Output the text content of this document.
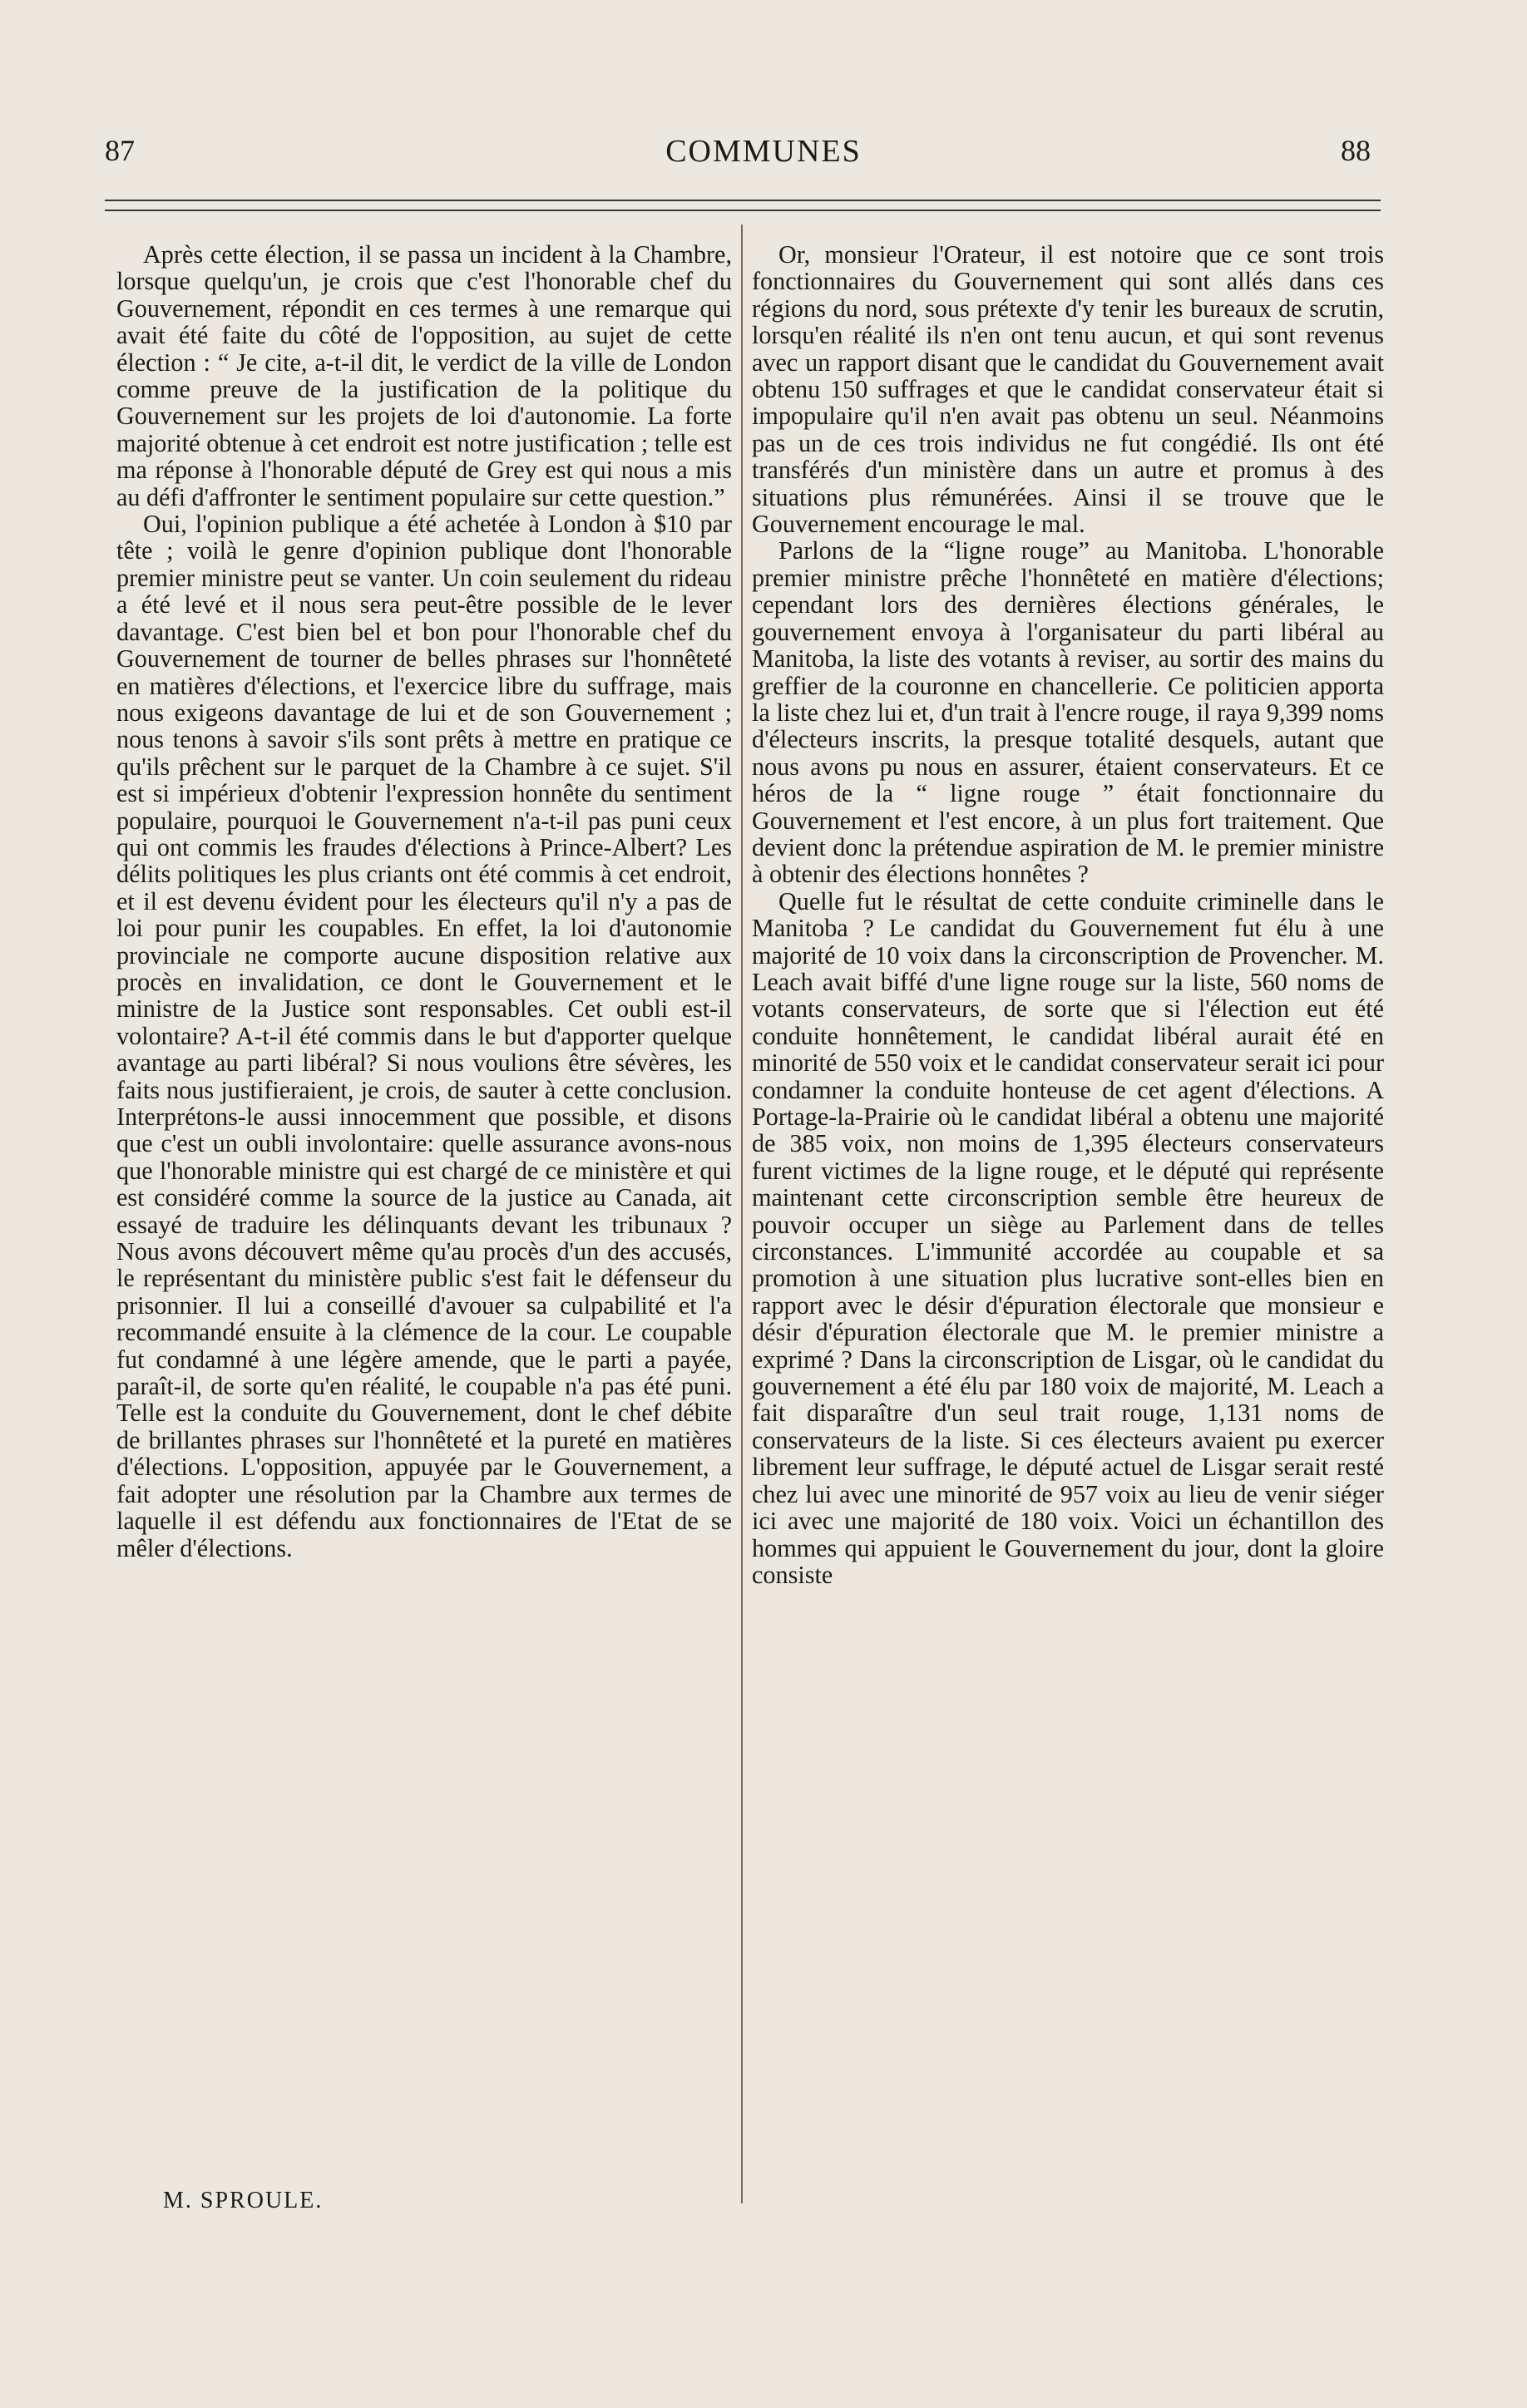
87	COMMUNES	88

Après cette élection, il se passa un incident à la Chambre, lorsque quelqu'un, je crois que c'est l'honorable chef du Gouvernement, répondit en ces termes à une remarque qui avait été faite du côté de l'opposition, au sujet de cette élection : “ Je cite, a-t-il dit, le verdict de la ville de London comme preuve de la justification de la politique du Gouvernement sur les projets de loi d'autonomie. La forte majorité obtenue à cet endroit est notre justification ; telle est ma réponse à l'honorable député de Grey est qui nous a mis au défi d'affronter le sentiment populaire sur cette question.”

Oui, l'opinion publique a été achetée à London à $10 par tête ; voilà le genre d'opinion publique dont l'honorable premier ministre peut se vanter. Un coin seulement du rideau a été levé et il nous sera peut-être possible de le lever davantage. C'est bien bel et bon pour l'honorable chef du Gouvernement de tourner de belles phrases sur l'honnêteté en matières d'élections, et l'exercice libre du suffrage, mais nous exigeons davantage de lui et de son Gouvernement ; nous tenons à savoir s'ils sont prêts à mettre en pratique ce qu'ils prêchent sur le parquet de la Chambre à ce sujet. S'il est si impérieux d'obtenir l'expression honnête du sentiment populaire, pourquoi le Gouvernement n'a-t-il pas puni ceux qui ont commis les fraudes d'élections à Prince-Albert? Les délits politiques les plus criants ont été commis à cet endroit, et il est devenu évident pour les électeurs qu'il n'y a pas de loi pour punir les coupables. En effet, la loi d'autonomie provinciale ne comporte aucune disposition relative aux procès en invalidation, ce dont le Gouvernement et le ministre de la Justice sont responsables. Cet oubli est-il volontaire? A-t-il été commis dans le but d'apporter quelque avantage au parti libéral? Si nous voulions être sévères, les faits nous justifieraient, je crois, de sauter à cette conclusion. Interprétons-le aussi innocemment que possible, et disons que c'est un oubli involontaire: quelle assurance avons-nous que l'honorable ministre qui est chargé de ce ministère et qui est considéré comme la source de la justice au Canada, ait essayé de traduire les délinquants devant les tribunaux ? Nous avons découvert même qu'au procès d'un des accusés, le représentant du ministère public s'est fait le défenseur du prisonnier. Il lui a conseillé d'avouer sa culpabilité et l'a recommandé ensuite à la clémence de la cour. Le coupable fut condamné à une légère amende, que le parti a payée, paraît-il, de sorte qu'en réalité, le coupable n'a pas été puni. Telle est la conduite du Gouvernement, dont le chef débite de brillantes phrases sur l'honnêteté et la pureté en matières d'élections. L'opposition, appuyée par le Gouvernement, a fait adopter une résolution par la Chambre aux termes de laquelle il est défendu aux fonctionnaires de l'Etat de se mêler d'élections.

Or, monsieur l'Orateur, il est notoire que ce sont trois fonctionnaires du Gouvernement qui sont allés dans ces régions du nord, sous prétexte d'y tenir les bureaux de scrutin, lorsqu'en réalité ils n'en ont tenu aucun, et qui sont revenus avec un rapport disant que le candidat du Gouvernement avait obtenu 150 suffrages et que le candidat conservateur était si impopulaire qu'il n'en avait pas obtenu un seul. Néanmoins pas un de ces trois individus ne fut congédié. Ils ont été transférés d'un ministère dans un autre et promus à des situations plus rémunérées. Ainsi il se trouve que le Gouvernement encourage le mal.

Parlons de la “ligne rouge” au Manitoba. L'honorable premier ministre prêche l'honnêteté en matière d'élections; cependant lors des dernières élections générales, le gouvernement envoya à l'organisateur du parti libéral au Manitoba, la liste des votants à reviser, au sortir des mains du greffier de la couronne en chancellerie. Ce politicien apporta la liste chez lui et, d'un trait à l'encre rouge, il raya 9,399 noms d'électeurs inscrits, la presque totalité desquels, autant que nous avons pu nous en assurer, étaient conservateurs. Et ce héros de la “ ligne rouge ” était fonctionnaire du Gouvernement et l'est encore, à un plus fort traitement. Que devient donc la prétendue aspiration de M. le premier ministre à obtenir des élections honnêtes ?

Quelle fut le résultat de cette conduite criminelle dans le Manitoba ? Le candidat du Gouvernement fut élu à une majorité de 10 voix dans la circonscription de Provencher. M. Leach avait biffé d'une ligne rouge sur la liste, 560 noms de votants conservateurs, de sorte que si l'élection eut été conduite honnêtement, le candidat libéral aurait été en minorité de 550 voix et le candidat conservateur serait ici pour condamner la conduite honteuse de cet agent d'élections. A Portage-la-Prairie où le candidat libéral a obtenu une majorité de 385 voix, non moins de 1,395 électeurs conservateurs furent victimes de la ligne rouge, et le député qui représente maintenant cette circonscription semble être heureux de pouvoir occuper un siège au Parlement dans de telles circonstances. L'immunité accordée au coupable et sa promotion à une situation plus lucrative sont-elles bien en rapport avec le désir d'épuration électorale que monsieur e désir d'épuration électorale que M. le premier ministre a exprimé ? Dans la circonscription de Lisgar, où le candidat du gouvernement a été élu par 180 voix de majorité, M. Leach a fait disparaître d'un seul trait rouge, 1,131 noms de conservateurs de la liste. Si ces électeurs avaient pu exercer librement leur suffrage, le député actuel de Lisgar serait resté chez lui avec une minorité de 957 voix au lieu de venir siéger ici avec une majorité de 180 voix. Voici un échantillon des hommes qui appuient le Gouvernement du jour, dont la gloire consiste

M. SPROULE.
